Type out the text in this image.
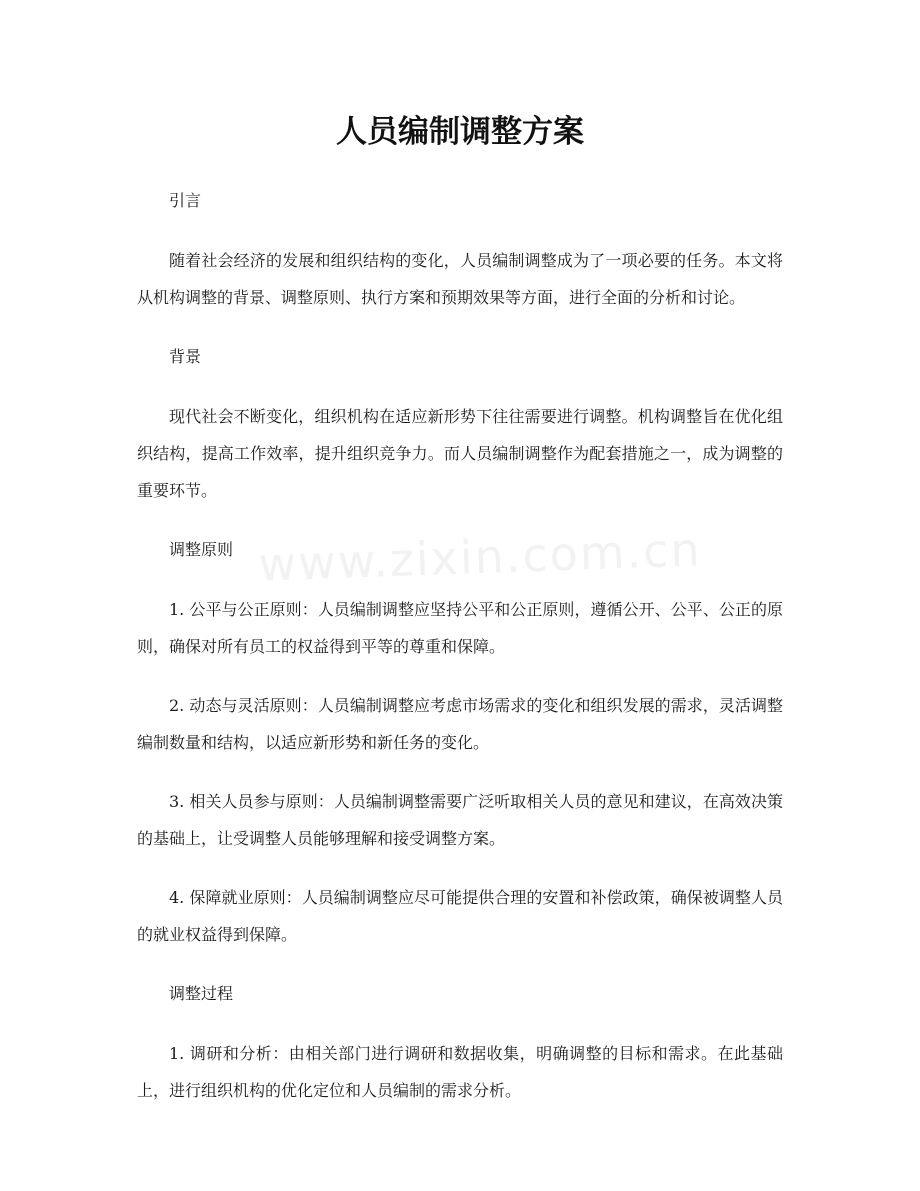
人员编制调整方案

引言

随着社会经济的发展和组织结构的变化，人员编制调整成为了一项必要的任务。本文将从机构调整的背景、调整原则、执行方案和预期效果等方面，进行全面的分析和讨论。

背景

现代社会不断变化，组织机构在适应新形势下往往需要进行调整。机构调整旨在优化组织结构，提高工作效率，提升组织竞争力。而人员编制调整作为配套措施之一，成为调整的重要环节。

调整原则

1. 公平与公正原则：人员编制调整应坚持公平和公正原则，遵循公开、公平、公正的原则，确保对所有员工的权益得到平等的尊重和保障。

2. 动态与灵活原则：人员编制调整应考虑市场需求的变化和组织发展的需求，灵活调整编制数量和结构，以适应新形势和新任务的变化。

3. 相关人员参与原则：人员编制调整需要广泛听取相关人员的意见和建议，在高效决策的基础上，让受调整人员能够理解和接受调整方案。

4. 保障就业原则：人员编制调整应尽可能提供合理的安置和补偿政策，确保被调整人员的就业权益得到保障。

调整过程

1. 调研和分析：由相关部门进行调研和数据收集，明确调整的目标和需求。在此基础上，进行组织机构的优化定位和人员编制的需求分析。

www.zixin.com.cn
